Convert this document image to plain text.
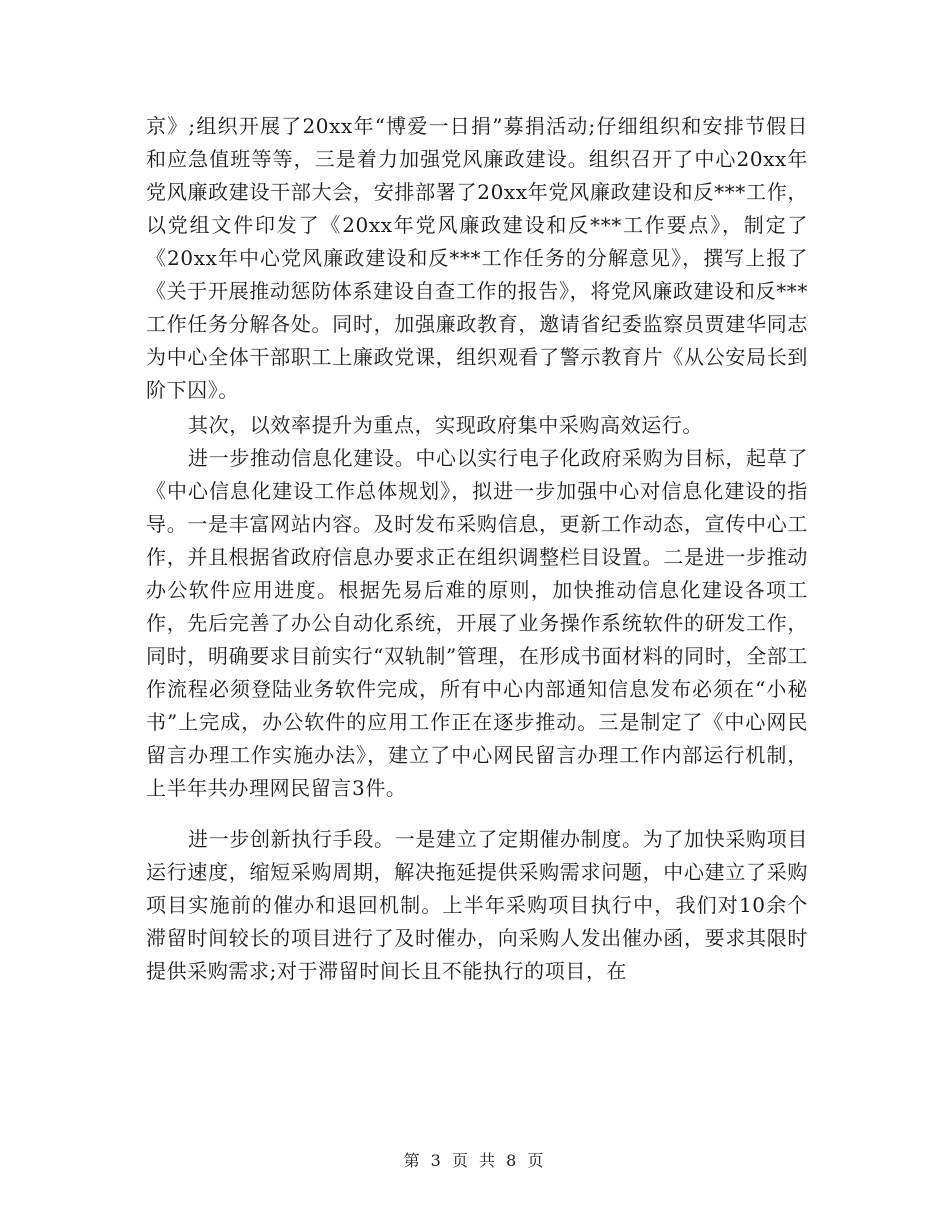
京》;组织开展了20xx年“博爱一日捐”募捐活动;仔细组织和安排节假日和应急值班等等，三是着力加强党风廉政建设。组织召开了中心20xx年党风廉政建设干部大会，安排部署了20xx年党风廉政建设和反***工作，以党组文件印发了《20xx年党风廉政建设和反***工作要点》，制定了《20xx年中心党风廉政建设和反***工作任务的分解意见》，撰写上报了《关于开展推动惩防体系建设自查工作的报告》，将党风廉政建设和反***工作任务分解各处。同时，加强廉政教育，邀请省纪委监察员贾建华同志为中心全体干部职工上廉政党课，组织观看了警示教育片《从公安局长到阶下囚》。

其次，以效率提升为重点，实现政府集中采购高效运行。

进一步推动信息化建设。中心以实行电子化政府采购为目标，起草了《中心信息化建设工作总体规划》，拟进一步加强中心对信息化建设的指导。一是丰富网站内容。及时发布采购信息，更新工作动态，宣传中心工作，并且根据省政府信息办要求正在组织调整栏目设置。二是进一步推动办公软件应用进度。根据先易后难的原则，加快推动信息化建设各项工作，先后完善了办公自动化系统，开展了业务操作系统软件的研发工作，同时，明确要求目前实行“双轨制”管理，在形成书面材料的同时，全部工作流程必须登陆业务软件完成，所有中心内部通知信息发布必须在“小秘书”上完成，办公软件的应用工作正在逐步推动。三是制定了《中心网民留言办理工作实施办法》，建立了中心网民留言办理工作内部运行机制，上半年共办理网民留言3件。

进一步创新执行手段。一是建立了定期催办制度。为了加快采购项目运行速度，缩短采购周期，解决拖延提供采购需求问题，中心建立了采购项目实施前的催办和退回机制。上半年采购项目执行中，我们对10余个滞留时间较长的项目进行了及时催办，向采购人发出催办函，要求其限时提供采购需求;对于滞留时间长且不能执行的项目，在

第 3 页 共 8 页
